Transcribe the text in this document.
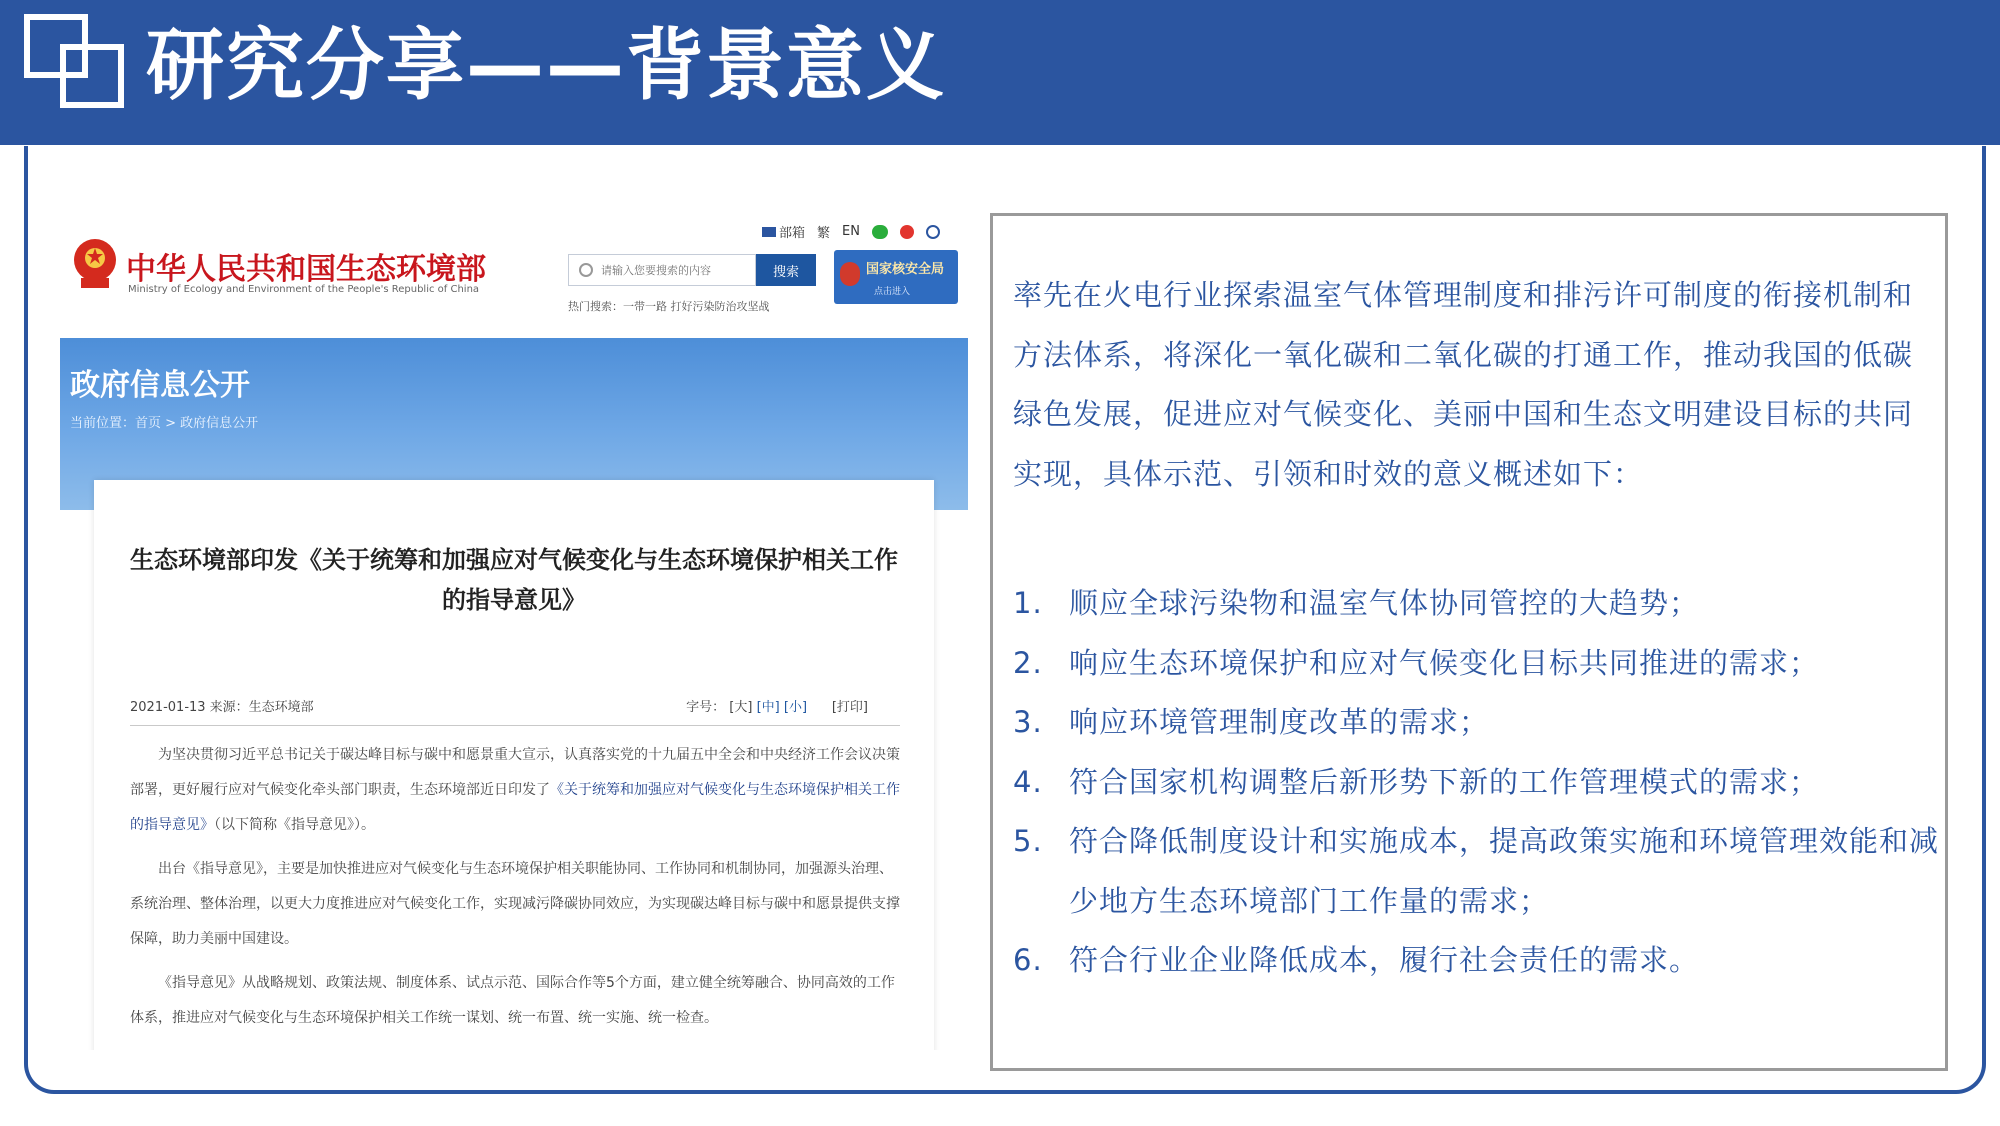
研究分享——背景意义
中华人民共和国生态环境部
Ministry of Ecology and Environment of the People's Republic of China
部箱 繁 EN
请输入您要搜索的内容
搜索
热门搜索：一带一路 打好污染防治攻坚战
国家核安全局
点击进入
政府信息公开
当前位置：首页 > 政府信息公开
生态环境部印发《关于统筹和加强应对气候变化与生态环境保护相关工作的指导意见》
2021-01-13 来源：生态环境部	字号： [大] [中] [小] [打印]
为坚决贯彻习近平总书记关于碳达峰目标与碳中和愿景重大宣示，认真落实党的十九届五中全会和中央经济工作会议决策部署，更好履行应对气候变化牵头部门职责，生态环境部近日印发了《关于统筹和加强应对气候变化与生态环境保护相关工作的指导意见》（以下简称《指导意见》）。
出台《指导意见》，主要是加快推进应对气候变化与生态环境保护相关职能协同、工作协同和机制协同，加强源头治理、系统治理、整体治理，以更大力度推进应对气候变化工作，实现减污降碳协同效应，为实现碳达峰目标与碳中和愿景提供支撑保障，助力美丽中国建设。
《指导意见》从战略规划、政策法规、制度体系、试点示范、国际合作等5个方面，建立健全统筹融合、协同高效的工作体系，推进应对气候变化与生态环境保护相关工作统一谋划、统一布置、统一实施、统一检查。
率先在火电行业探索温室气体管理制度和排污许可制度的衔接机制和方法体系，将深化一氧化碳和二氧化碳的打通工作，推动我国的低碳绿色发展，促进应对气候变化、美丽中国和生态文明建设目标的共同实现，具体示范、引领和时效的意义概述如下：
1. 顺应全球污染物和温室气体协同管控的大趋势；
2. 响应生态环境保护和应对气候变化目标共同推进的需求；
3. 响应环境管理制度改革的需求；
4. 符合国家机构调整后新形势下新的工作管理模式的需求；
5. 符合降低制度设计和实施成本，提高政策实施和环境管理效能和减少地方生态环境部门工作量的需求；
6. 符合行业企业降低成本，履行社会责任的需求。
